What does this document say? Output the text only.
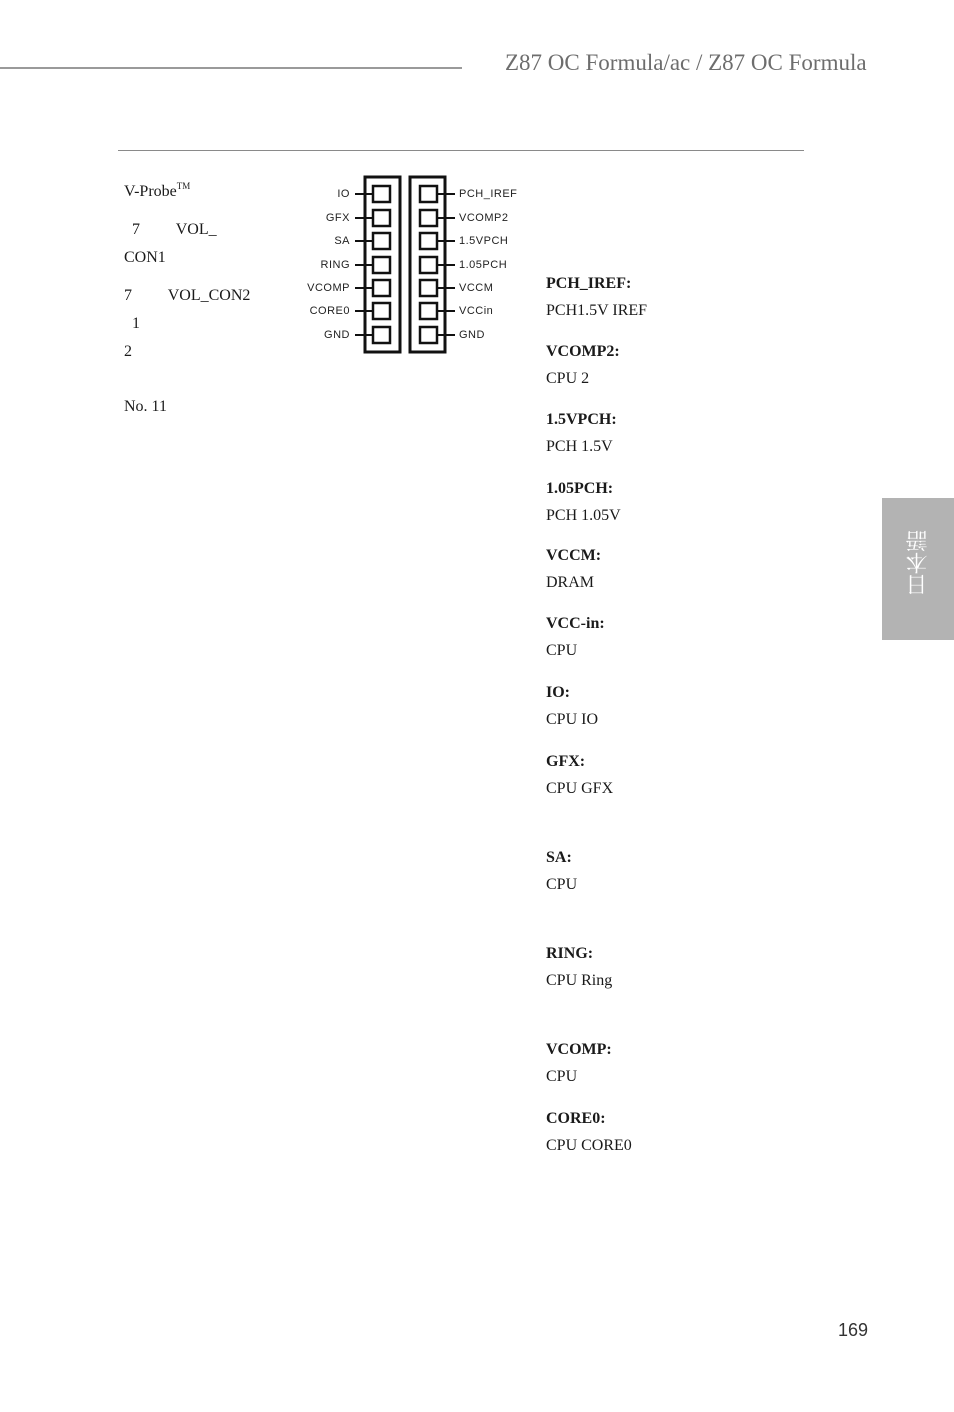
Z87 OC Formula/ac / Z87 OC Formula

V-Probe™

7         VOL_

CON1

7         VOL_CON2

1

2

No. 11

IO
GFX
SA
RING
VCOMP
CORE0
GND
PCH_IREF
VCOMP2
1.5VPCH
1.05PCH
VCCM
VCCin
GND
PCH_IREF:
PCH1.5V IREF
VCOMP2:
CPU 2
1.5VPCH:
PCH 1.5V
1.05PCH:
PCH 1.05V
VCCM:
DRAM
VCC-in:
CPU
IO:
CPU IO
GFX:
CPU GFX
SA:
CPU
RING:
CPU Ring
VCOMP:
CPU
CORE0:
CPU CORE0
日本語
169
